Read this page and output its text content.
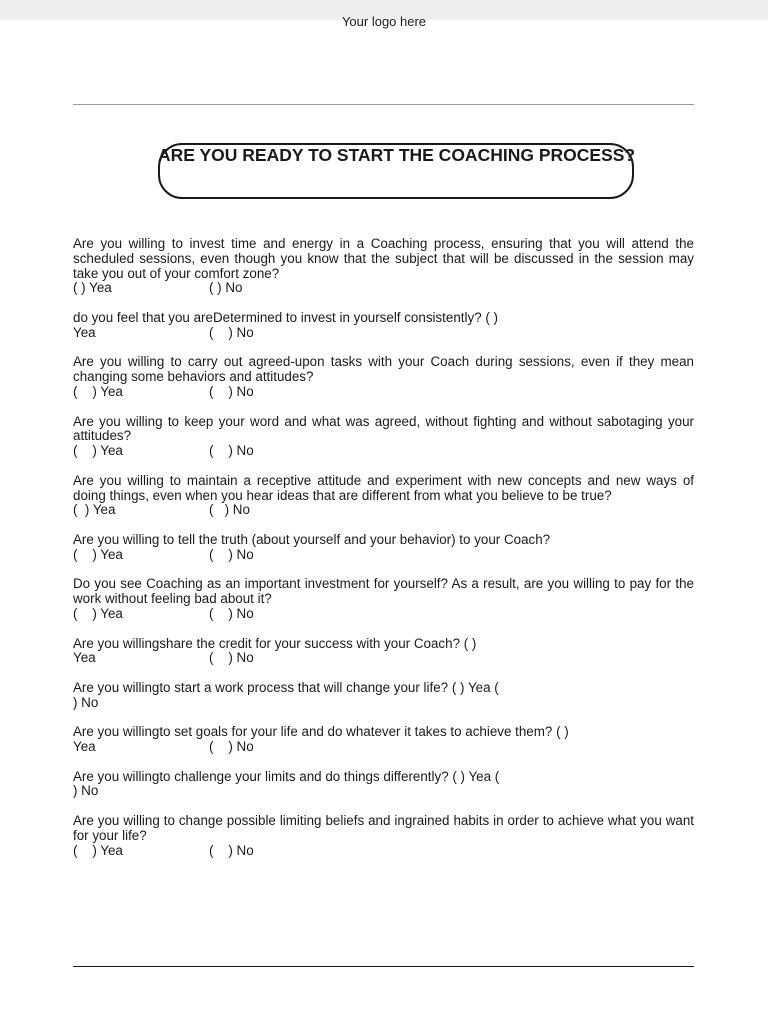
Your logo here
ARE YOU READY TO START THE COACHING PROCESS?
Are you willing to invest time and energy in a Coaching process, ensuring that you will attend the scheduled sessions, even though you know that the subject that will be discussed in the session may take you out of your comfort zone?
( ) Yea	( ) No
do you feel that you areDetermined to invest in yourself consistently? ( )
Yea	(    ) No
Are you willing to carry out agreed-upon tasks with your Coach during sessions, even if they mean changing some behaviors and attitudes?
(    ) Yea	(    ) No
Are you willing to keep your word and what was agreed, without fighting and without sabotaging your attitudes?
(    ) Yea	(    ) No
Are you willing to maintain a receptive attitude and experiment with new concepts and new ways of doing things, even when you hear ideas that are different from what you believe to be true?
(  ) Yea	(   ) No
Are you willing to tell the truth (about yourself and your behavior) to your Coach?
(    ) Yea	(    ) No
Do you see Coaching as an important investment for yourself? As a result, are you willing to pay for the work without feeling bad about it?
(    ) Yea	(    ) No
Are you willingshare the credit for your success with your Coach? ( )
Yea	(    ) No
Are you willingto start a work process that will change your life? ( ) Yea (
) No
Are you willingto set goals for your life and do whatever it takes to achieve them? ( )
Yea	(    ) No
Are you willingto challenge your limits and do things differently? ( ) Yea (
) No
Are you willing to change possible limiting beliefs and ingrained habits in order to achieve what you want for your life?
(    ) Yea	(    ) No
